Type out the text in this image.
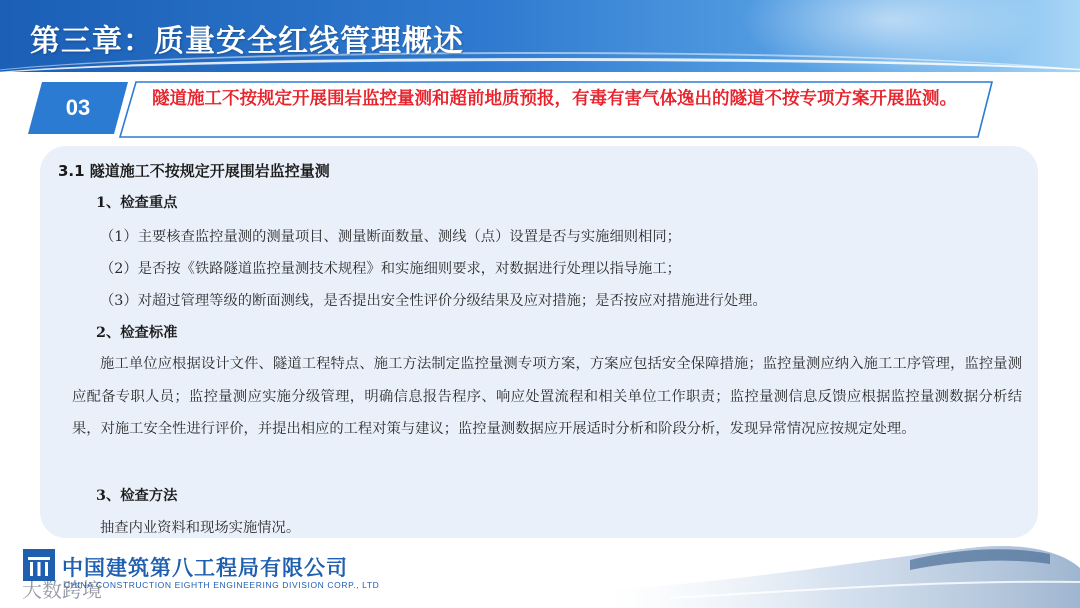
第三章：质量安全红线管理概述
03	隧道施工不按规定开展围岩监控量测和超前地质预报，有毒有害气体逸出的隧道不按专项方案开展监测。
3.1 隧道施工不按规定开展围岩监控量测
1、检查重点
（1）主要核查监控量测的测量项目、测量断面数量、测线（点）设置是否与实施细则相同；
（2）是否按《铁路隧道监控量测技术规程》和实施细则要求，对数据进行处理以指导施工；
（3）对超过管理等级的断面测线，是否提出安全性评价分级结果及应对措施；是否按应对措施进行处理。
2、检查标准
施工单位应根据设计文件、隧道工程特点、施工方法制定监控量测专项方案，方案应包括安全保障措施；监控量测应纳入施工工序管理，监控量测应配备专职人员；监控量测应实施分级管理，明确信息报告程序、响应处置流程和相关单位工作职责；监控量测信息反馈应根据监控量测数据分析结果，对施工安全性进行评价，并提出相应的工程对策与建议；监控量测数据应开展适时分析和阶段分析，发现异常情况应按规定处理。
3、检查方法
抽查内业资料和现场实施情况。
中国建筑第八工程局有限公司
CHINA CONSTRUCTION EIGHTH ENGINEERING DIVISION CORP., LTD
大数跨境
